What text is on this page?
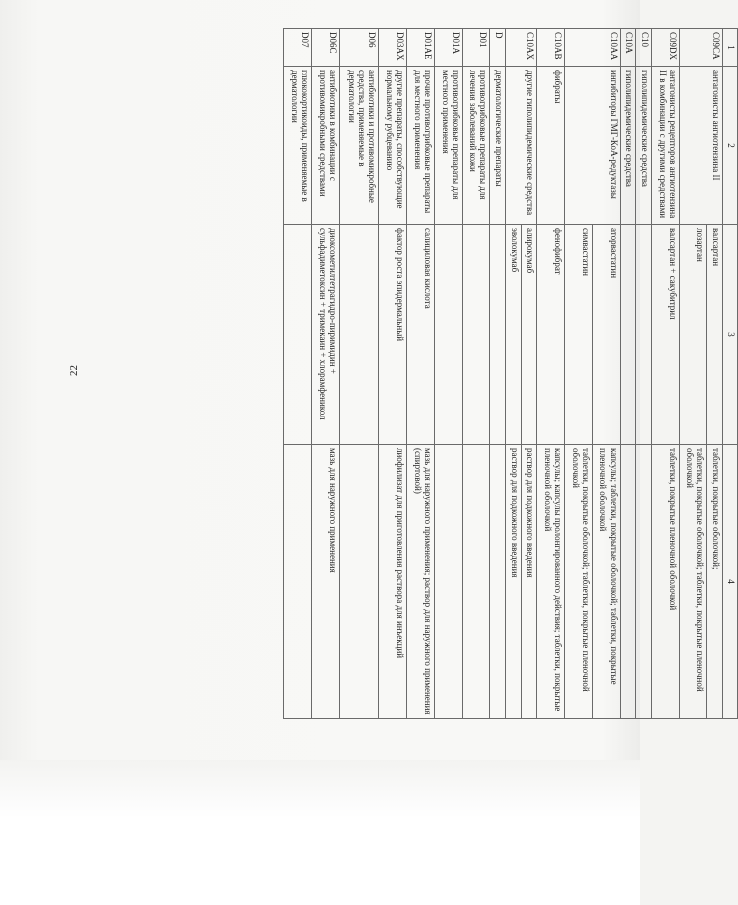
22
1	2	3	4
C09CA	антагонисты ангиотензина II	валсартан	таблетки, покрытые оболочкой;
		лозартан	таблетки, покрытые оболочкой; таблетки, покрытые пленочной оболочкой
C09DX	антагонисты рецепторов ангиотензина II в комбинации с другими средствами	валсартан + сакубитрил	таблетки, покрытые пленочной оболочкой
C10	гиполипидемические средства		
C10A	гиполипидемические средства		
C10AA	ингибиторы ГМГ-КоА-редуктазы	аторвастатин	капсулы; таблетки, покрытые оболочкой; таблетки, покрытые пленочной оболочкой
		симвастатин	таблетки, покрытые оболочкой; таблетки, покрытые пленочной оболочкой
C10AB	фибраты	фенофибрат	капсулы; капсулы пролонгированного действия; таблетки, покрытые пленочной оболочкой
C10AX	другие гиполипидемические средства	алирокумаб	раствор для подкожного введения
		эволокумаб	раствор для подкожного введения
D	дерматологические препараты		
D01	противогрибковые препараты для лечения заболеваний кожи		
D01A	противогрибковые препараты для местного применения		
D01AE	прочие противогрибковые препараты для местного применения	салициловая кислота	мазь для наружного применения; раствор для наружного применения (спиртовой)
D03AX	другие препараты, способствующие нормальному рубцеванию	фактор роста эпидермальный	лиофилизат для приготовления раствора для инъекций
D06	антибиотики и противомикробные средства, применяемые в дерматологии		
D06C	антибиотики в комбинации с противомикробными средствами	диоксометилтетрагидро-пиримидин + сульфадиметоксин + тримекаин + хлорамфеникол	мазь для наружного применения
D07	глюкокортикоиды, применяемые в дерматологии		
